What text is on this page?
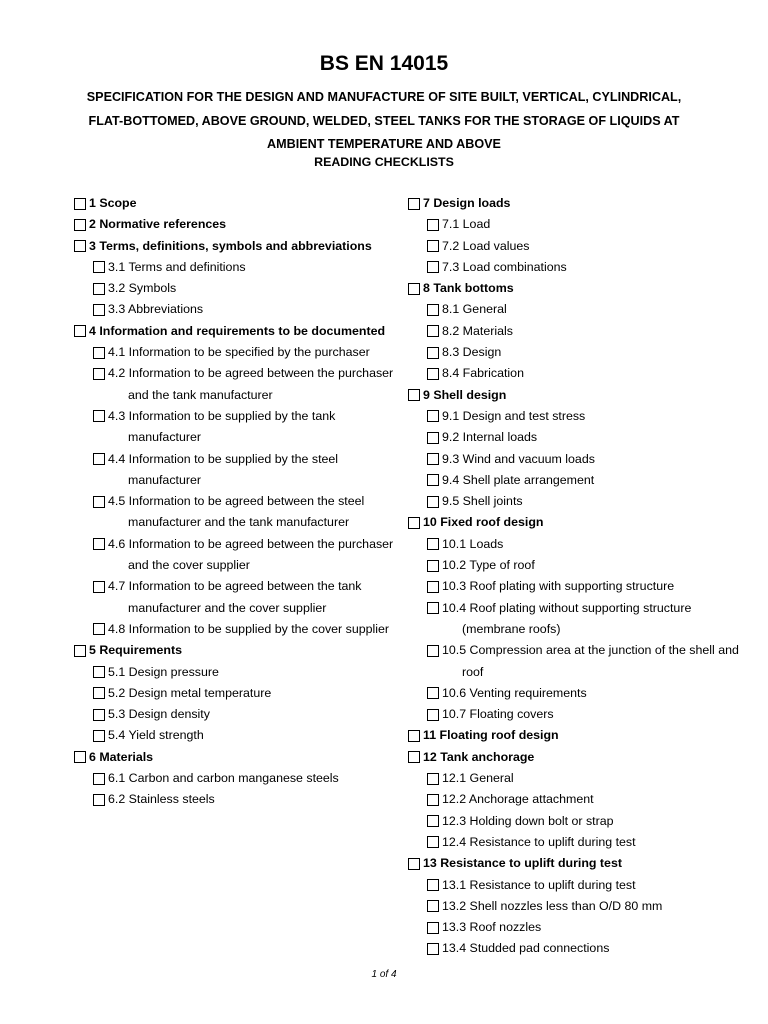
BS EN 14015
SPECIFICATION FOR THE DESIGN AND MANUFACTURE OF SITE BUILT, VERTICAL, CYLINDRICAL,
FLAT-BOTTOMED, ABOVE GROUND, WELDED, STEEL TANKS FOR THE STORAGE OF LIQUIDS AT
AMBIENT TEMPERATURE AND ABOVE
READING CHECKLISTS
1 Scope
2 Normative references
3 Terms, definitions, symbols and abbreviations
3.1 Terms and definitions
3.2 Symbols
3.3 Abbreviations
4 Information and requirements to be documented
4.1 Information to be specified by the purchaser
4.2 Information to be agreed between the purchaser and the tank manufacturer
4.3 Information to be supplied by the tank manufacturer
4.4 Information to be supplied by the steel manufacturer
4.5 Information to be agreed between the steel manufacturer and the tank manufacturer
4.6 Information to be agreed between the purchaser and the cover supplier
4.7 Information to be agreed between the tank manufacturer and the cover supplier
4.8 Information to be supplied by the cover supplier
5 Requirements
5.1 Design pressure
5.2 Design metal temperature
5.3 Design density
5.4 Yield strength
6 Materials
6.1 Carbon and carbon manganese steels
6.2 Stainless steels
7 Design loads
7.1 Load
7.2 Load values
7.3 Load combinations
8 Tank bottoms
8.1 General
8.2 Materials
8.3 Design
8.4 Fabrication
9 Shell design
9.1 Design and test stress
9.2 Internal loads
9.3 Wind and vacuum loads
9.4 Shell plate arrangement
9.5 Shell joints
10 Fixed roof design
10.1 Loads
10.2 Type of roof
10.3 Roof plating with supporting structure
10.4 Roof plating without supporting structure (membrane roofs)
10.5 Compression area at the junction of the shell and roof
10.6 Venting requirements
10.7 Floating covers
11 Floating roof design
12 Tank anchorage
12.1 General
12.2 Anchorage attachment
12.3 Holding down bolt or strap
12.4 Resistance to uplift during test
13 Resistance to uplift during test
13.1 Resistance to uplift during test
13.2 Shell nozzles less than O/D 80 mm
13.3 Roof nozzles
13.4 Studded pad connections
1 of 4
